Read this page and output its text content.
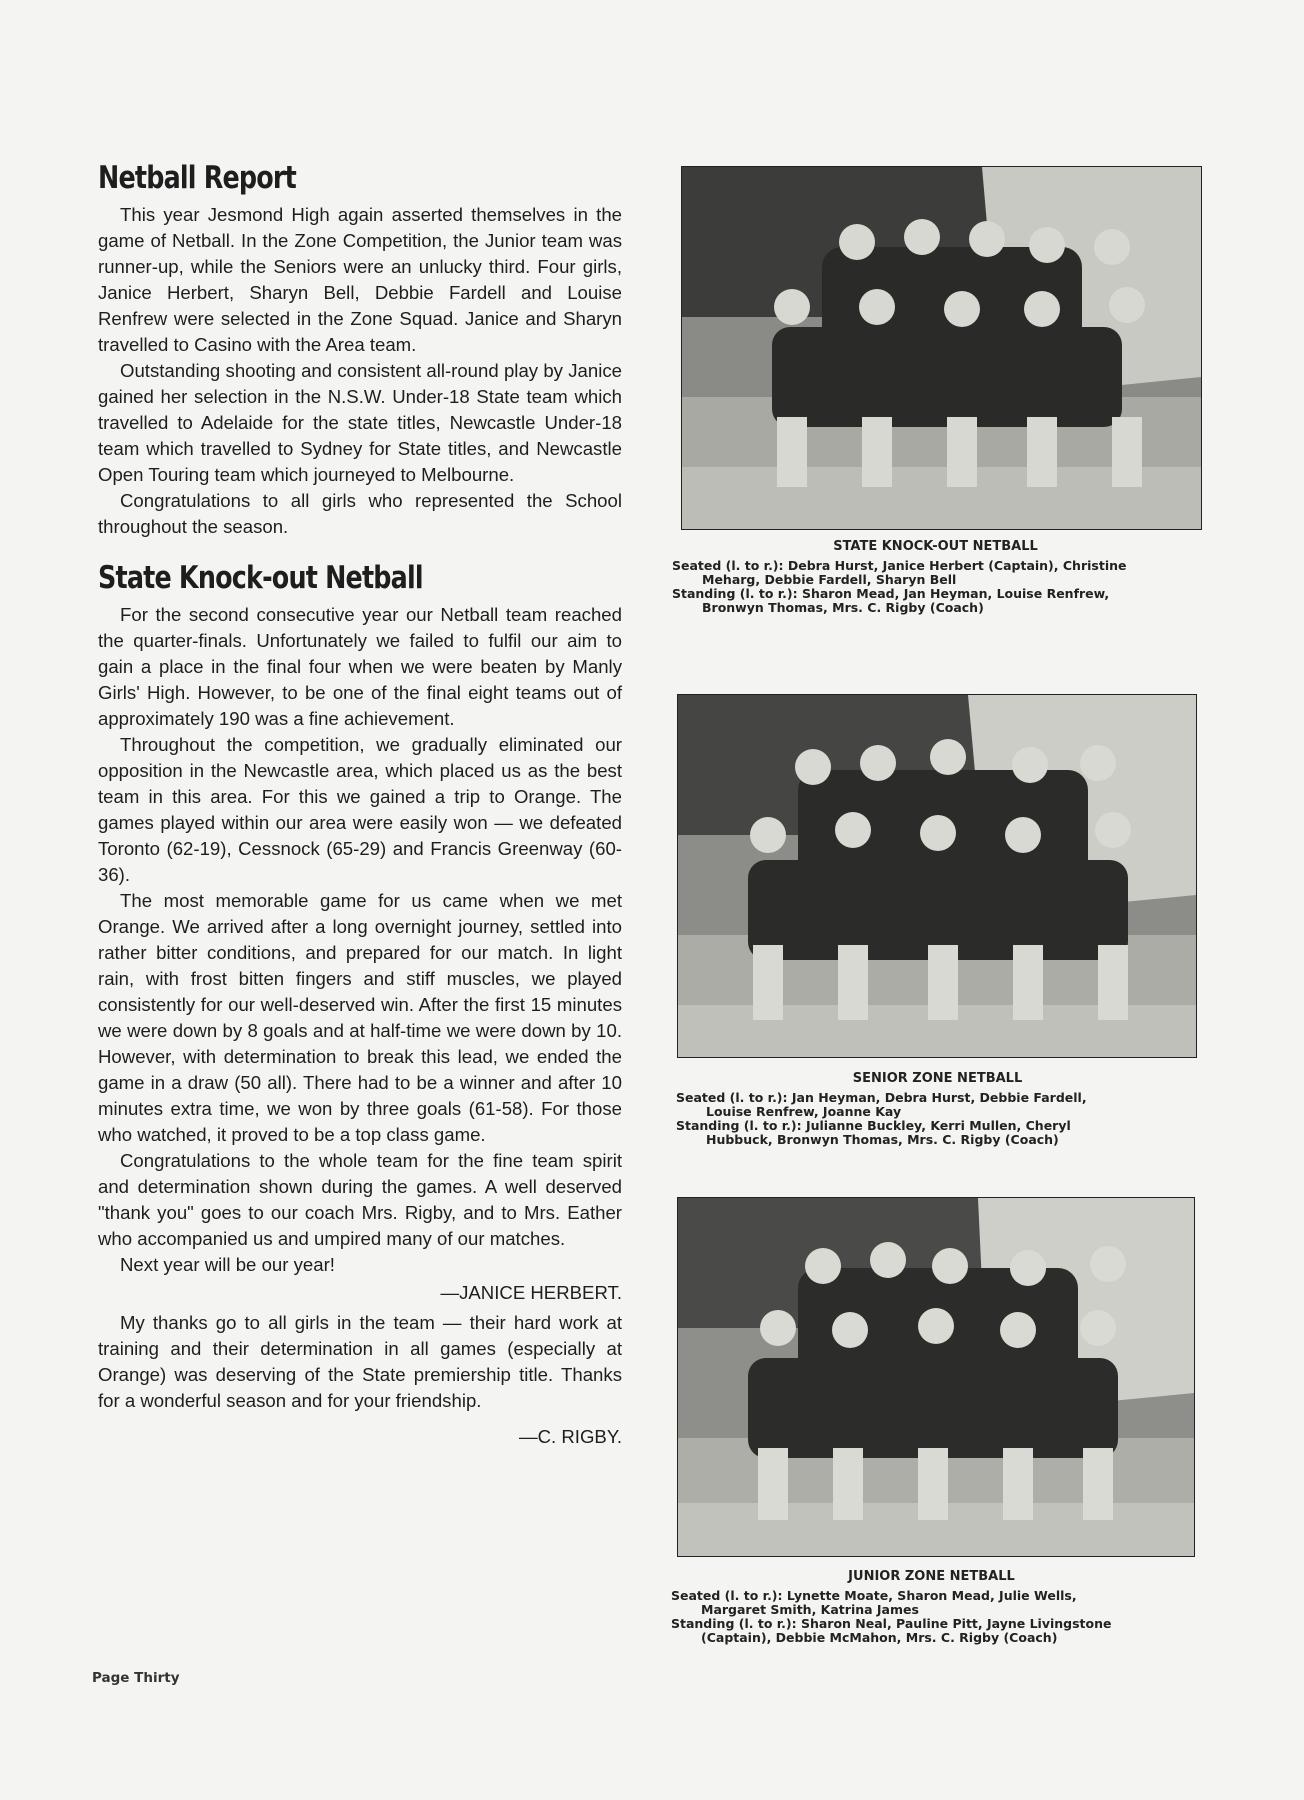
Netball Report

This year Jesmond High again asserted themselves in the game of Netball. In the Zone Competition, the Junior team was runner-up, while the Seniors were an unlucky third. Four girls, Janice Herbert, Sharyn Bell, Debbie Fardell and Louise Renfrew were selected in the Zone Squad. Janice and Sharyn travelled to Casino with the Area team.

Outstanding shooting and consistent all-round play by Janice gained her selection in the N.S.W. Under-18 State team which travelled to Adelaide for the state titles, Newcastle Under-18 team which travelled to Sydney for State titles, and Newcastle Open Touring team which journeyed to Melbourne.

Congratulations to all girls who represented the School throughout the season.

State Knock-out Netball

For the second consecutive year our Netball team reached the quarter-finals. Unfortunately we failed to fulfil our aim to gain a place in the final four when we were beaten by Manly Girls' High. However, to be one of the final eight teams out of approximately 190 was a fine achievement.

Throughout the competition, we gradually eliminated our opposition in the Newcastle area, which placed us as the best team in this area. For this we gained a trip to Orange. The games played within our area were easily won — we defeated Toronto (62-19), Cessnock (65-29) and Francis Greenway (60-36).

The most memorable game for us came when we met Orange. We arrived after a long overnight journey, settled into rather bitter conditions, and prepared for our match. In light rain, with frost bitten fingers and stiff muscles, we played consistently for our well-deserved win. After the first 15 minutes we were down by 8 goals and at half-time we were down by 10. However, with determination to break this lead, we ended the game in a draw (50 all). There had to be a winner and after 10 minutes extra time, we won by three goals (61-58). For those who watched, it proved to be a top class game.

Congratulations to the whole team for the fine team spirit and determination shown during the games. A well deserved "thank you" goes to our coach Mrs. Rigby, and to Mrs. Eather who accompanied us and umpired many of our matches.

Next year will be our year!

—JANICE HERBERT.

My thanks go to all girls in the team — their hard work at training and their determination in all games (especially at Orange) was deserving of the State premiership title. Thanks for a wonderful season and for your friendship.

—C. RIGBY.

STATE KNOCK-OUT NETBALL
Seated (l. to r.): Debra Hurst, Janice Herbert (Captain), Christine
Meharg, Debbie Fardell, Sharyn Bell
Standing (l. to r.): Sharon Mead, Jan Heyman, Louise Renfrew,
Bronwyn Thomas, Mrs. C. Rigby (Coach)
SENIOR ZONE NETBALL
Seated (l. to r.): Jan Heyman, Debra Hurst, Debbie Fardell,
Louise Renfrew, Joanne Kay
Standing (l. to r.): Julianne Buckley, Kerri Mullen, Cheryl
Hubbuck, Bronwyn Thomas, Mrs. C. Rigby (Coach)
JUNIOR ZONE NETBALL
Seated (l. to r.): Lynette Moate, Sharon Mead, Julie Wells,
Margaret Smith, Katrina James
Standing (l. to r.): Sharon Neal, Pauline Pitt, Jayne Livingstone
(Captain), Debbie McMahon, Mrs. C. Rigby (Coach)
Page Thirty
